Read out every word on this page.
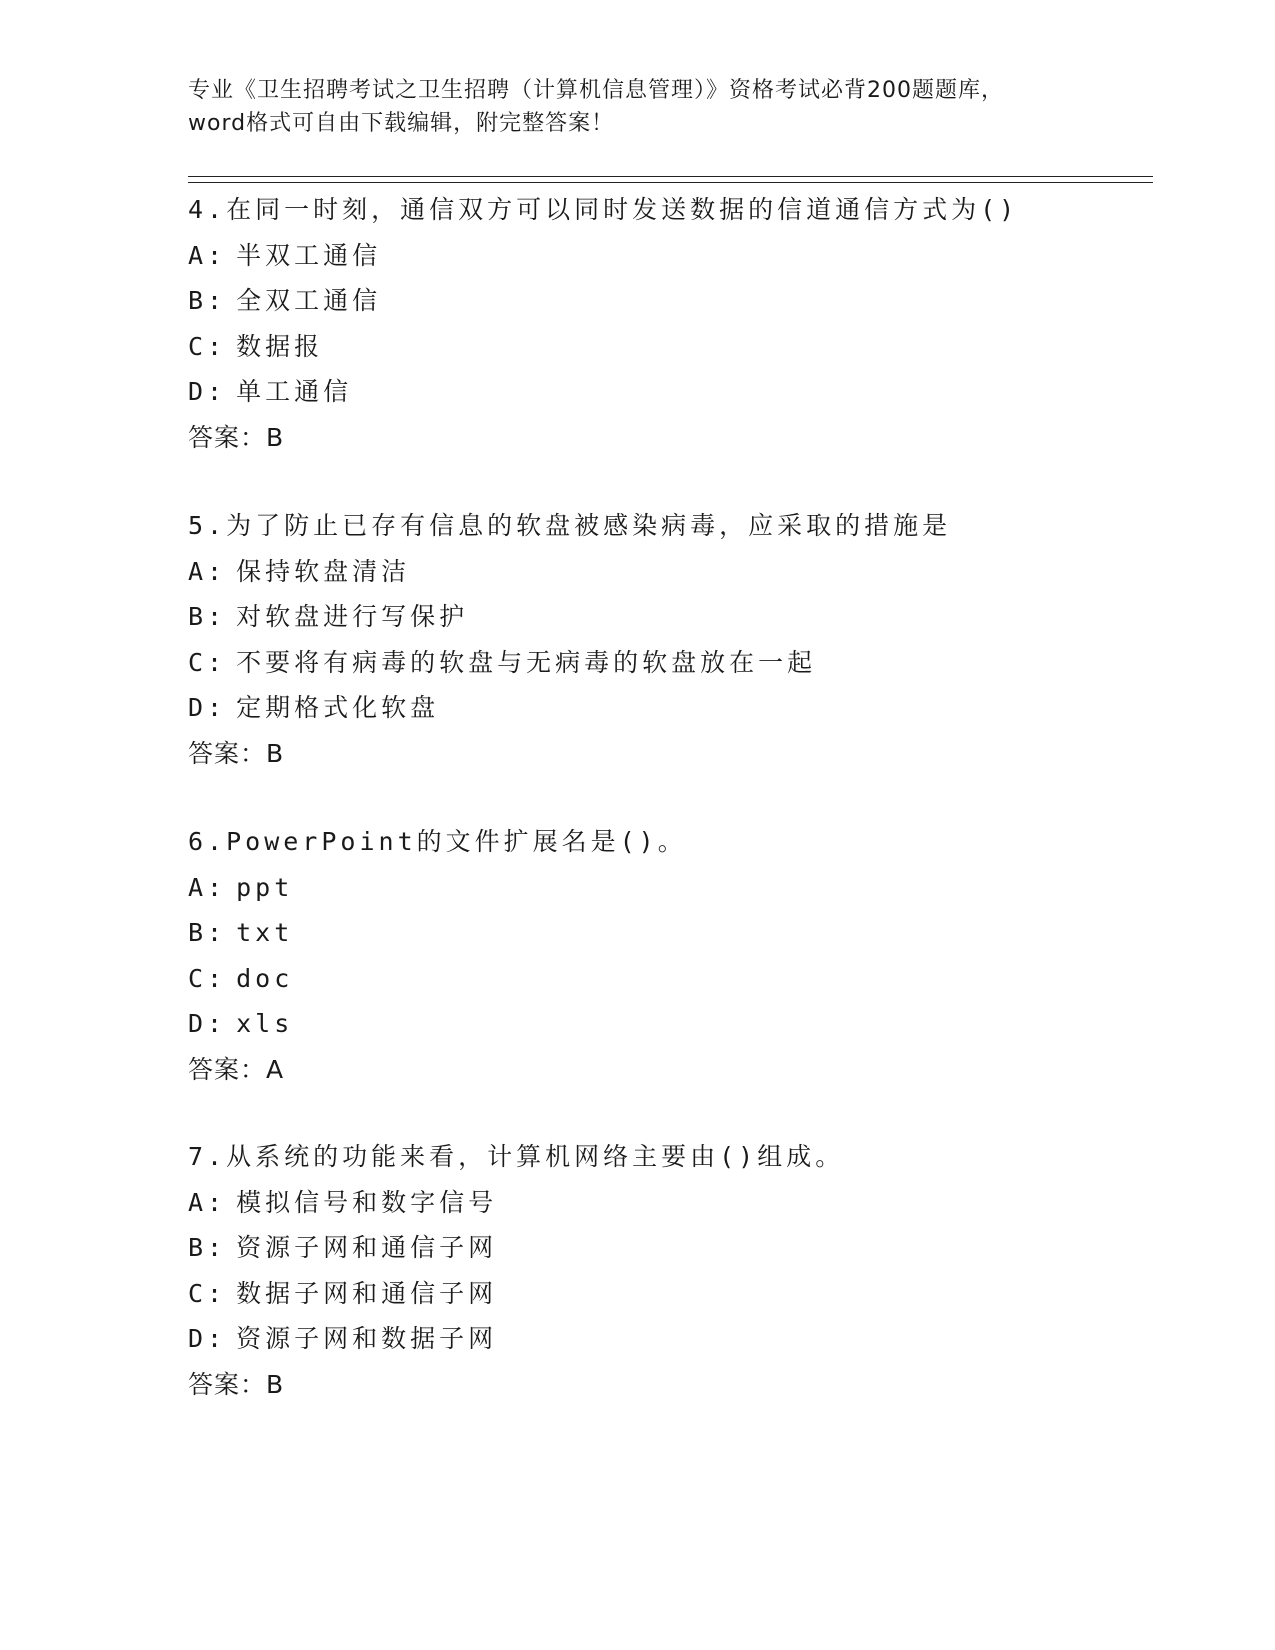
专业《卫生招聘考试之卫生招聘（计算机信息管理）》资格考试必背200题题库，
word格式可自由下载编辑，附完整答案！
4.在同一时刻，通信双方可以同时发送数据的信道通信方式为()
A: 半双工通信
B: 全双工通信
C: 数据报
D: 单工通信
答案：B
5.为了防止已存有信息的软盘被感染病毒，应采取的措施是
A: 保持软盘清洁
B: 对软盘进行写保护
C: 不要将有病毒的软盘与无病毒的软盘放在一起
D: 定期格式化软盘
答案：B
6.PowerPoint的文件扩展名是()。
A: ppt
B: txt
C: doc
D: xls
答案：A
7.从系统的功能来看，计算机网络主要由()组成。
A: 模拟信号和数字信号
B: 资源子网和通信子网
C: 数据子网和通信子网
D: 资源子网和数据子网
答案：B
